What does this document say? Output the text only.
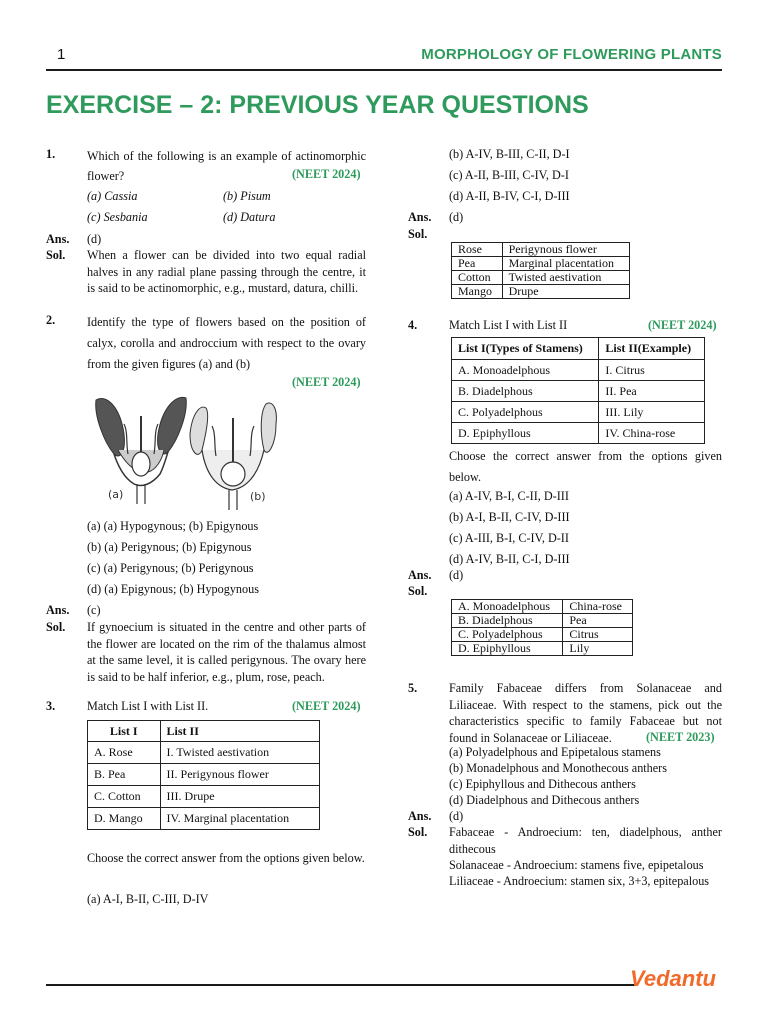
1	MORPHOLOGY OF FLOWERING PLANTS
EXERCISE – 2: PREVIOUS YEAR QUESTIONS
1.	Which of the following is an example of actinomorphic flower?	(NEET 2024)
(a) Cassia	(b) Pisum
(c) Sesbania	(d) Datura
Ans. (d)
Sol. When a flower can be divided into two equal radial halves in any radial plane passing through the centre, it is said to be actinomorphic, e.g., mustard, datura, chilli.
2.	Identify the type of flowers based on the position of calyx, corolla and androccium with respect to the ovary from the given figures (a) and (b)
(NEET 2024)
(a)	(b)
(a) (a) Hypogynous; (b) Epigynous
(b) (a) Perigynous; (b) Epigynous
(c) (a) Perigynous; (b) Perigynous
(d) (a) Epigynous; (b) Hypogynous
Ans. (c)
Sol. If gynoecium is situated in the centre and other parts of the flower are located on the rim of the thalamus almost at the same level, it is called perigynous. The ovary here is said to be half inferior, e.g., plum, rose, peach.
3.	Match List I with List II.	(NEET 2024)
List I	List II
A. Rose	I. Twisted aestivation
B. Pea	II. Perigynous flower
C. Cotton	III. Drupe
D. Mango	IV. Marginal placentation
Choose the correct answer from the options given below.
(a) A-I, B-II, C-III, D-IV
(b) A-IV, B-III, C-II, D-I
(c) A-II, B-III, C-IV, D-I
(d) A-II, B-IV, C-I, D-III
Ans. (d)
Sol.
Rose	Perigynous flower
Pea	Marginal placentation
Cotton	Twisted aestivation
Mango	Drupe
4.	Match List I with List II	(NEET 2024)
List I(Types of Stamens)	List II(Example)
A. Monoadelphous	I. Citrus
B. Diadelphous	II. Pea
C. Polyadelphous	III. Lily
D. Epiphyllous	IV. China-rose
Choose the correct answer from the options given below.
(a) A-IV, B-I, C-II, D-III
(b) A-I, B-II, C-IV, D-III
(c) A-III, B-I, C-IV, D-II
(d) A-IV, B-II, C-I, D-III
Ans. (d)
Sol.
A. Monoadelphous	China-rose
B. Diadelphous	Pea
C. Polyadelphous	Citrus
D. Epiphyllous	Lily
5.	Family Fabaceae differs from Solanaceae and Liliaceae. With respect to the stamens, pick out the characteristics specific to family Fabaceae but not found in Solanaceae or Liliaceae.	(NEET 2023)
(a) Polyadelphous and Epipetalous stamens
(b) Monadelphous and Monothecous anthers
(c) Epiphyllous and Dithecous anthers
(d) Diadelphous and Dithecous anthers
Ans. (d)
Sol. Fabaceae - Androecium: ten, diadelphous, anther dithecous
Solanaceae - Androecium: stamens five, epipetalous
Liliaceae - Androecium: stamen six, 3+3, epitepalous
Vedantu
